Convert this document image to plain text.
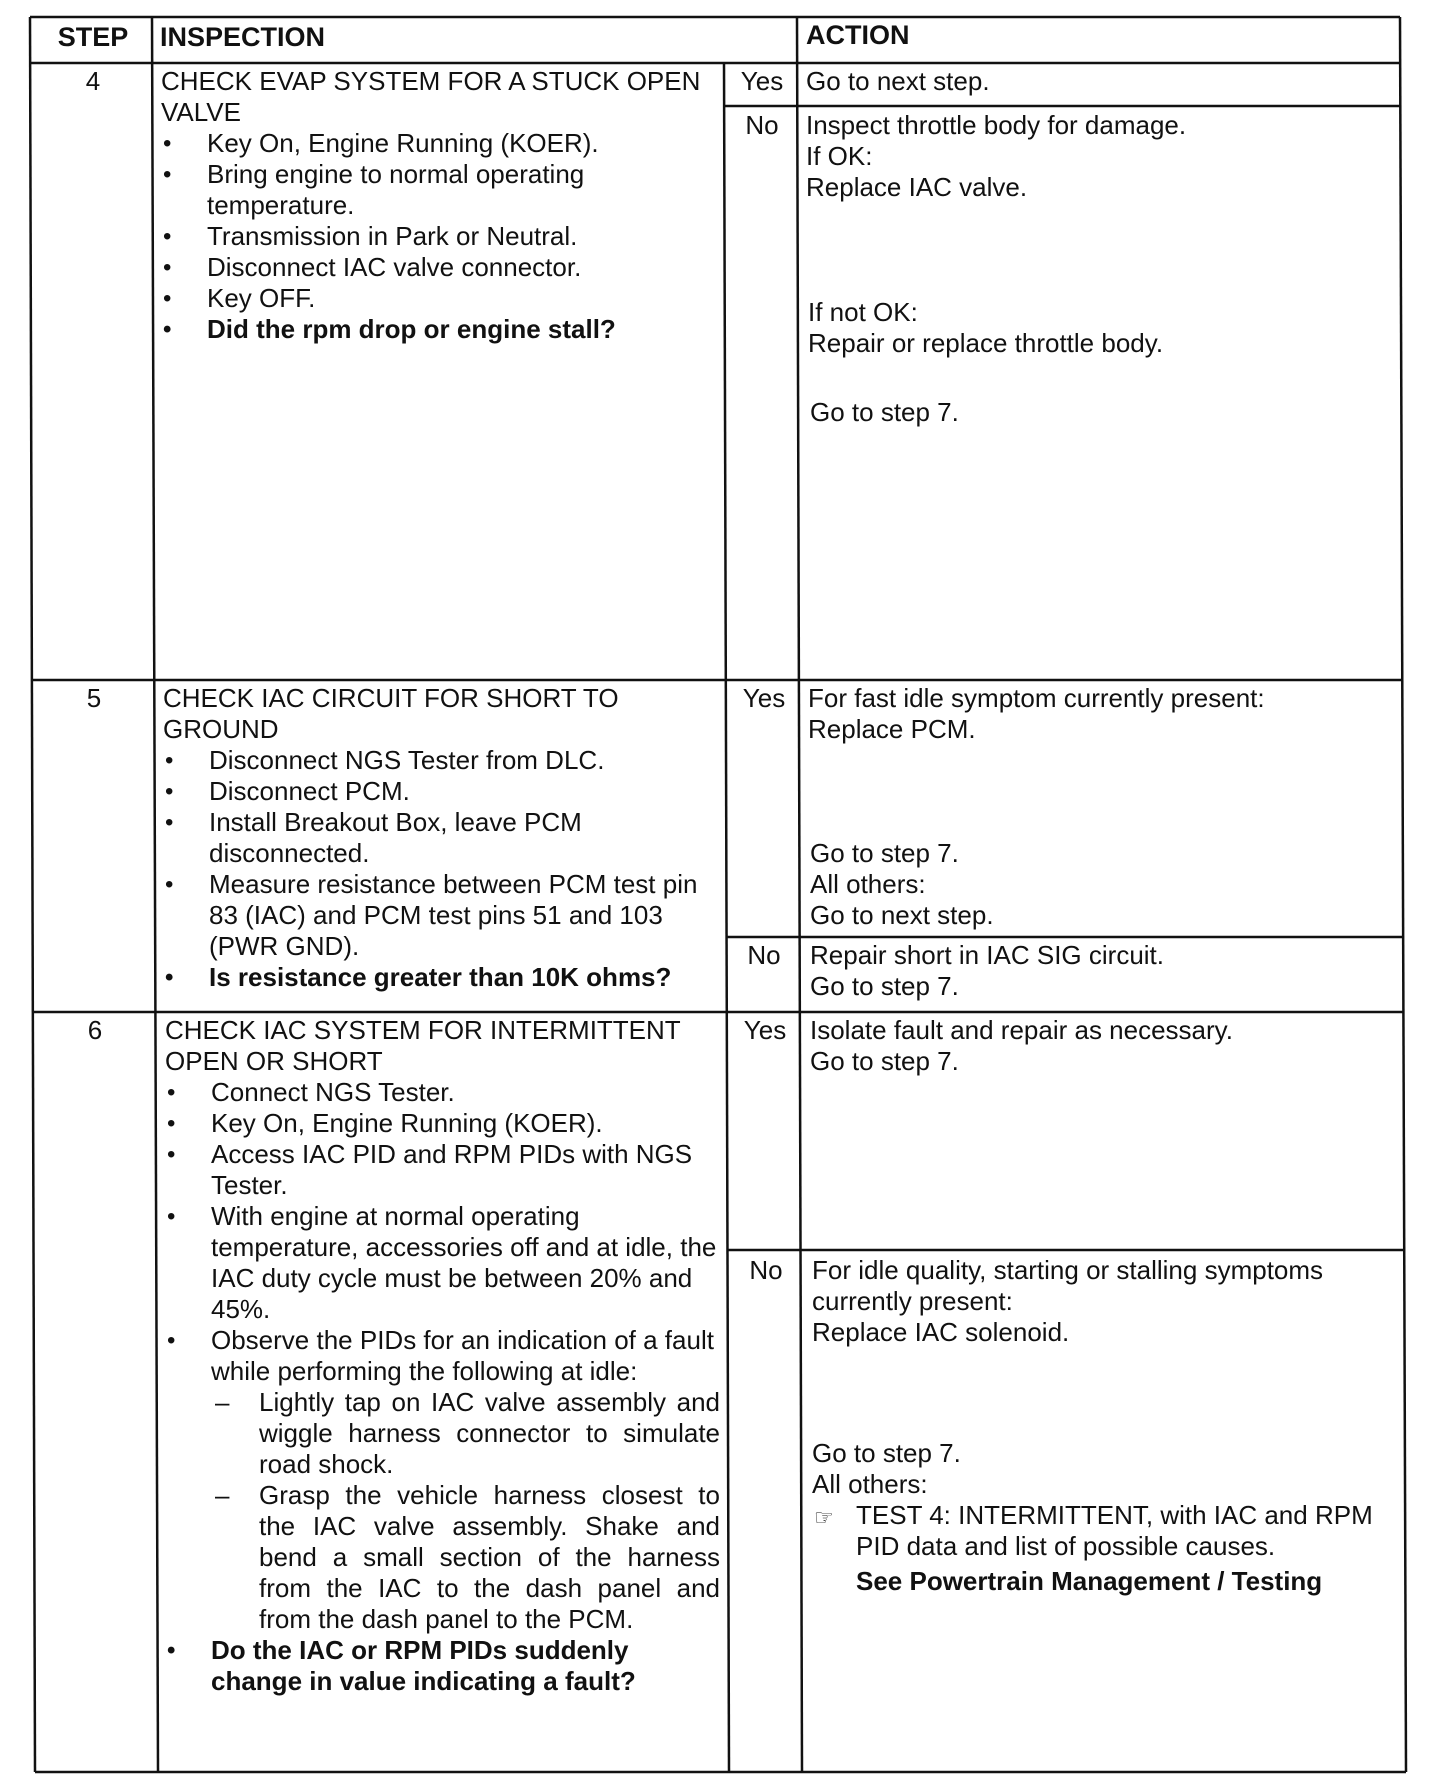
STEP	INSPECTION	ACTION
4	CHECK EVAP SYSTEM FOR A STUCK OPEN VALVE
• Key On, Engine Running (KOER).
• Bring engine to normal operating temperature.
• Transmission in Park or Neutral.
• Disconnect IAC valve connector.
• Key OFF.
• Did the rpm drop or engine stall?
Yes Go to next step.
No	Inspect throttle body for damage.
If OK:
Replace IAC valve.
If not OK:
Repair or replace throttle body.
Go to step 7.
5	CHECK IAC CIRCUIT FOR SHORT TO GROUND
• Disconnect NGS Tester from DLC.
• Disconnect PCM.
• Install Breakout Box, leave PCM disconnected.
• Measure resistance between PCM test pin 83 (IAC) and PCM test pins 51 and 103 (PWR GND).
• Is resistance greater than 10K ohms?
Yes For fast idle symptom currently present:
Replace PCM.
Go to step 7.
All others:
Go to next step.
No	Repair short in IAC SIG circuit.
Go to step 7.
6	CHECK IAC SYSTEM FOR INTERMITTENT OPEN OR SHORT
• Connect NGS Tester.
• Key On, Engine Running (KOER).
• Access IAC PID and RPM PIDs with NGS Tester.
• With engine at normal operating temperature, accessories off and at idle, the IAC duty cycle must be between 20% and 45%.
• Observe the PIDs for an indication of a fault while performing the following at idle:
– Lightly tap on IAC valve assembly and wiggle harness connector to simulate road shock.
– Grasp the vehicle harness closest to the IAC valve assembly. Shake and bend a small section of the harness from the IAC to the dash panel and from the dash panel to the PCM.
• Do the IAC or RPM PIDs suddenly change in value indicating a fault?
Yes Isolate fault and repair as necessary.
Go to step 7.
No	For idle quality, starting or stalling symptoms currently present:
Replace IAC solenoid.
Go to step 7.
All others:
☞ TEST 4: INTERMITTENT, with IAC and RPM PID data and list of possible causes.
See Powertrain Management / Testing
